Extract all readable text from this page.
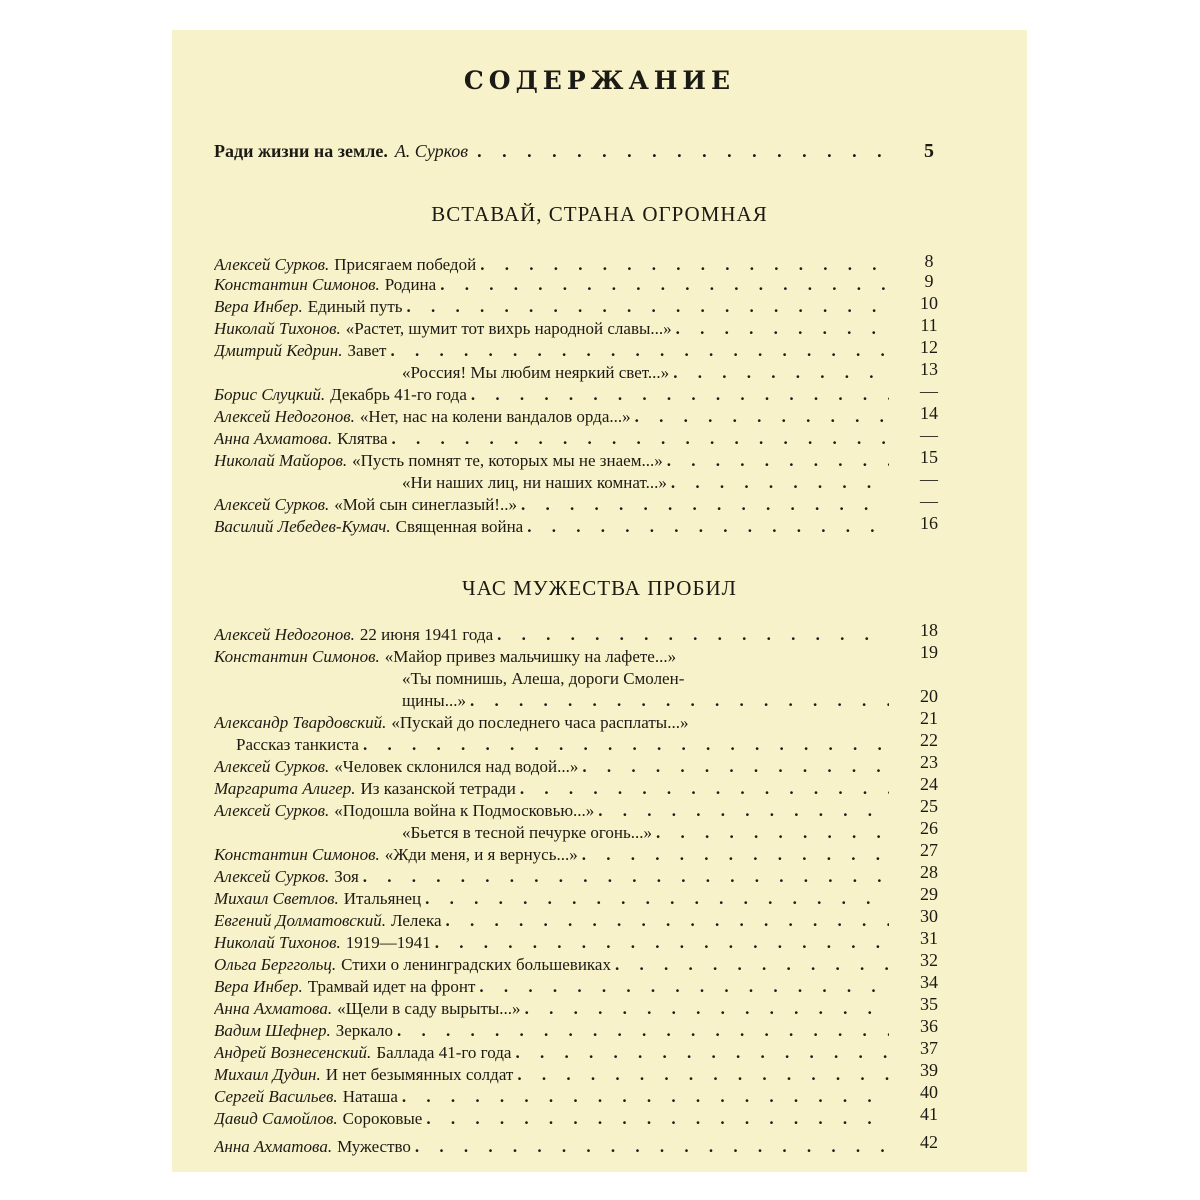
СОДЕРЖАНИЕ
Ради жизни на земле. А. Сурков . . .	5
ВСТАВАЙ, СТРАНА ОГРОМНАЯ
Алексей Сурков. Присягаем победой . . .	8
Константин Симонов. Родина . . .	9
Вера Инбер. Единый путь . . .	10
Николай Тихонов. «Растет, шумит тот вихрь народной славы...» . . .	11
Дмитрий Кедрин. Завет . . .	12
«Россия! Мы любим неяркий свет...» . . .	13
Борис Слуцкий. Декабрь 41-го года . . .	—
Алексей Недогонов. «Нет, нас на колени вандалов орда...» . . .	14
Анна Ахматова. Клятва . . .	—
Николай Майоров. «Пусть помнят те, которых мы не знаем...» . . .	15
«Ни наших лиц, ни наших комнат...» . . .	—
Алексей Сурков. «Мой сын синеглазый!..» . . .	—
Василий Лебедев-Кумач. Священная война . . .	16
ЧАС МУЖЕСТВА ПРОБИЛ
Алексей Недогонов. 22 июня 1941 года . . .	18
Константин Симонов. «Майор привез мальчишку на лафете...»	19
«Ты помнишь, Алеша, дороги Смолен-
щины...» . . .	20
Александр Твардовский. «Пускай до последнего часа расплаты...»	21
Рассказ танкиста . . .	22
Алексей Сурков. «Человек склонился над водой...» . . .	23
Маргарита Алигер. Из казанской тетради . . .	24
Алексей Сурков. «Подошла война к Подмосковью...» . . .	25
«Бьется в тесной печурке огонь...» . . .	26
Константин Симонов. «Жди меня, и я вернусь...» . . .	27
Алексей Сурков. Зоя . . .	28
Михаил Светлов. Итальянец . . .	29
Евгений Долматовский. Лелека . . .	30
Николай Тихонов. 1919—1941 . . .	31
Ольга Берггольц. Стихи о ленинградских большевиках . . .	32
Вера Инбер. Трамвай идет на фронт . . .	34
Анна Ахматова. «Щели в саду вырыты...» . . .	35
Вадим Шефнер. Зеркало . . .	36
Андрей Вознесенский. Баллада 41-го года . . .	37
Михаил Дудин. И нет безымянных солдат . . .	39
Сергей Васильев. Наташа . . .	40
Давид Самойлов. Сороковые . . .	41
Анна Ахматова. Мужество . . .	42
